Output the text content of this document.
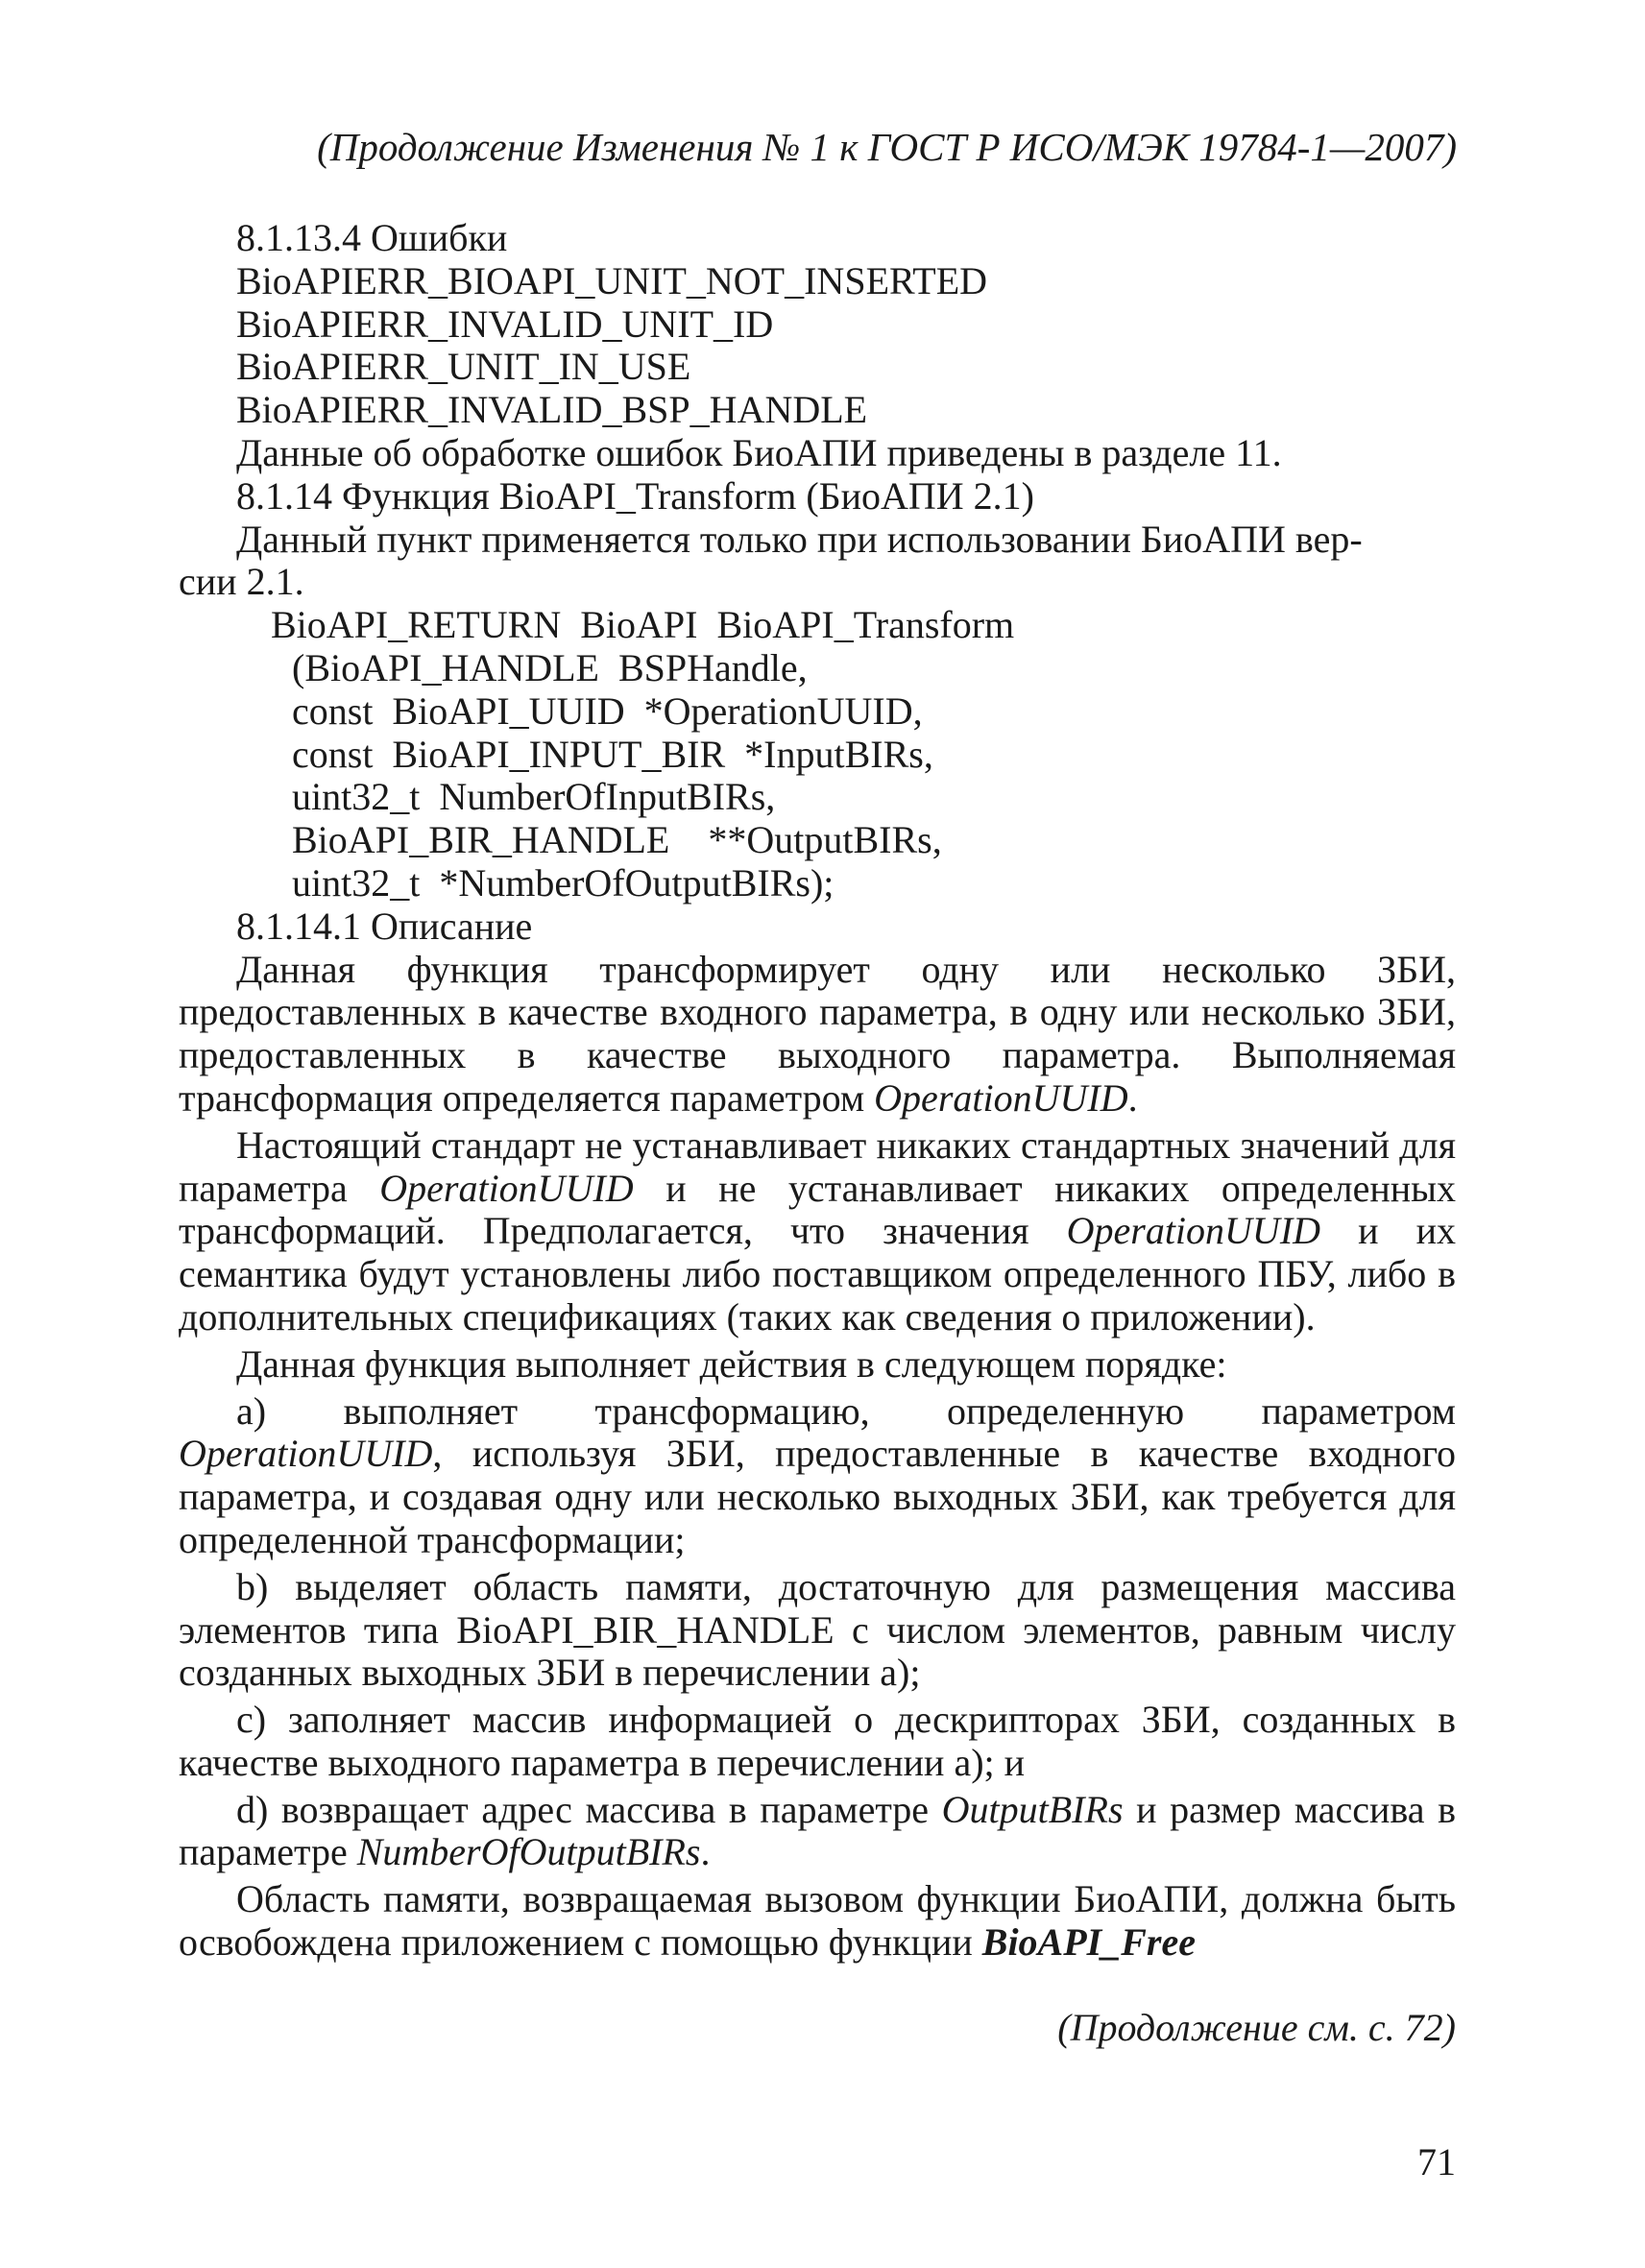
(Продолжение Изменения № 1 к ГОСТ Р ИСО/МЭК 19784-1—2007)
8.1.13.4 Ошибки
BioAPIERR_BIOAPI_UNIT_NOT_INSERTED
BioAPIERR_INVALID_UNIT_ID
BioAPIERR_UNIT_IN_USE
BioAPIERR_INVALID_BSP_HANDLE
Данные об обработке ошибок БиоАПИ приведены в разделе 11.
8.1.14 Функция BioAPI_Transform (БиоАПИ 2.1)
Данный пункт применяется только при использовании БиоАПИ вер-
сии 2.1.
BioAPI_RETURN  BioAPI  BioAPI_Transform
(BioAPI_HANDLE  BSPHandle,
const  BioAPI_UUID  *OperationUUID,
const  BioAPI_INPUT_BIR  *InputBIRs,
uint32_t  NumberOfInputBIRs,
BioAPI_BIR_HANDLE    **OutputBIRs,
uint32_t  *NumberOfOutputBIRs);
8.1.14.1 Описание

Данная функция трансформирует одну или несколько ЗБИ, предоставленных в качестве входного параметра, в одну или несколько ЗБИ, предоставленных в качестве выходного параметра. Выполняемая трансформация определяется параметром OperationUUID.

Настоящий стандарт не устанавливает никаких стандартных значений для параметра OperationUUID и не устанавливает никаких определенных трансформаций. Предполагается, что значения OperationUUID и их семантика будут установлены либо поставщиком определенного ПБУ, либо в дополнительных спецификациях (таких как сведения о приложении).

Данная функция выполняет действия в следующем порядке:

а) выполняет трансформацию, определенную параметром OperationUUID, используя ЗБИ, предоставленные в качестве входного параметра, и создавая одну или несколько выходных ЗБИ, как требуется для определенной трансформации;

b) выделяет область памяти, достаточную для размещения массива элементов типа BioAPI_BIR_HANDLE с числом элементов, равным числу созданных выходных ЗБИ в перечислении а);

с) заполняет массив информацией о дескрипторах ЗБИ, созданных в качестве выходного параметра в перечислении а); и

d) возвращает адрес массива в параметре OutputBIRs и размер массива в параметре NumberOfOutputBIRs.

Область памяти, возвращаемая вызовом функции БиоАПИ, должна быть освобождена приложением с помощью функции BioAPI_Free

(Продолжение см. с. 72)
71
